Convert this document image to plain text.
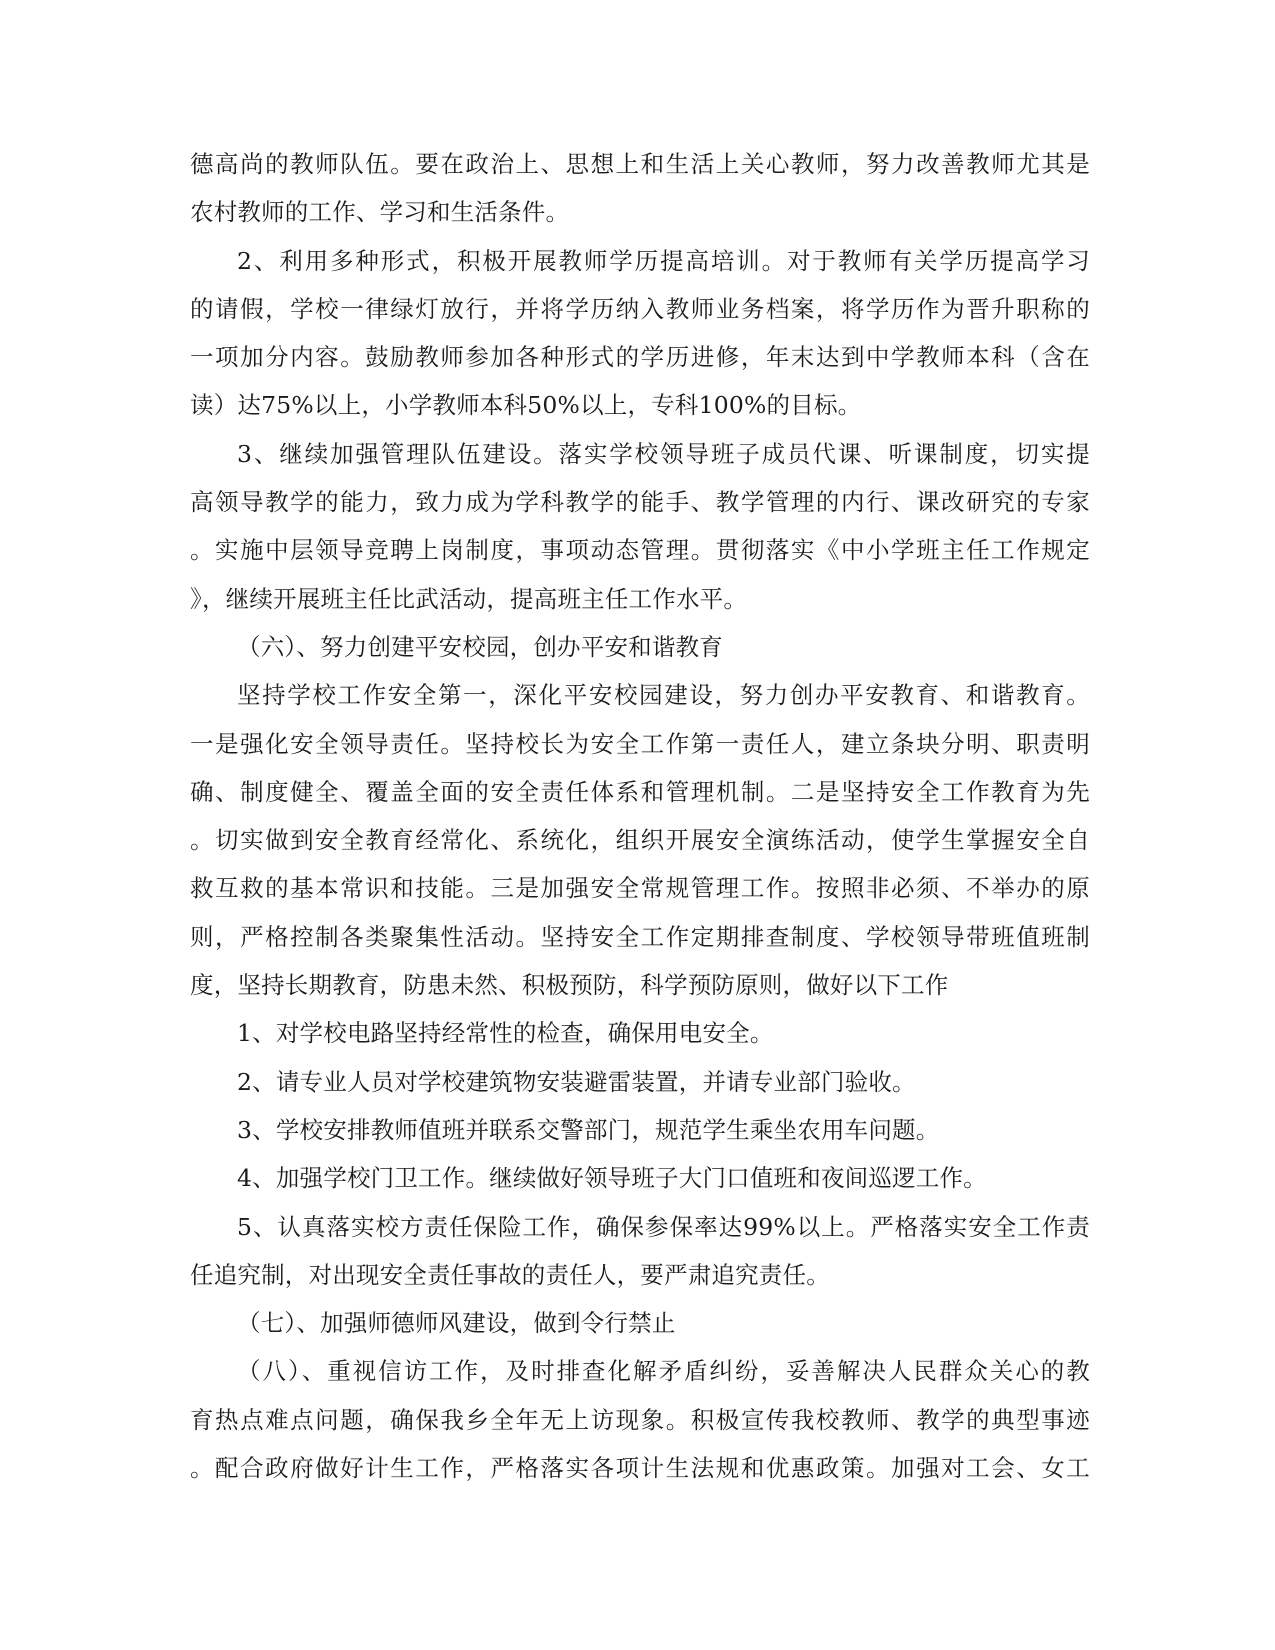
德高尚的教师队伍。要在政治上、思想上和生活上关心教师，努力改善教师尤其是
农村教师的工作、学习和生活条件。
2、利用多种形式，积极开展教师学历提高培训。对于教师有关学历提高学习
的请假，学校一律绿灯放行，并将学历纳入教师业务档案，将学历作为晋升职称的
一项加分内容。鼓励教师参加各种形式的学历进修，年末达到中学教师本科（含在
读）达75%以上，小学教师本科50%以上，专科100%的目标。
3、继续加强管理队伍建设。落实学校领导班子成员代课、听课制度，切实提
高领导教学的能力，致力成为学科教学的能手、教学管理的内行、课改研究的专家
。实施中层领导竞聘上岗制度，事项动态管理。贯彻落实《中小学班主任工作规定
》，继续开展班主任比武活动，提高班主任工作水平。
（六）、努力创建平安校园，创办平安和谐教育
坚持学校工作安全第一，深化平安校园建设，努力创办平安教育、和谐教育。
一是强化安全领导责任。坚持校长为安全工作第一责任人，建立条块分明、职责明
确、制度健全、覆盖全面的安全责任体系和管理机制。二是坚持安全工作教育为先
。切实做到安全教育经常化、系统化，组织开展安全演练活动，使学生掌握安全自
救互救的基本常识和技能。三是加强安全常规管理工作。按照非必须、不举办的原
则，严格控制各类聚集性活动。坚持安全工作定期排查制度、学校领导带班值班制
度，坚持长期教育，防患未然、积极预防，科学预防原则，做好以下工作
1、对学校电路坚持经常性的检查，确保用电安全。
2、请专业人员对学校建筑物安装避雷装置，并请专业部门验收。
3、学校安排教师值班并联系交警部门，规范学生乘坐农用车问题。
4、加强学校门卫工作。继续做好领导班子大门口值班和夜间巡逻工作。
5、认真落实校方责任保险工作，确保参保率达99%以上。严格落实安全工作责
任追究制，对出现安全责任事故的责任人，要严肃追究责任。
（七）、加强师德师风建设，做到令行禁止
（八）、重视信访工作，及时排查化解矛盾纠纷，妥善解决人民群众关心的教
育热点难点问题，确保我乡全年无上访现象。积极宣传我校教师、教学的典型事迹
。配合政府做好计生工作，严格落实各项计生法规和优惠政策。加强对工会、女工
